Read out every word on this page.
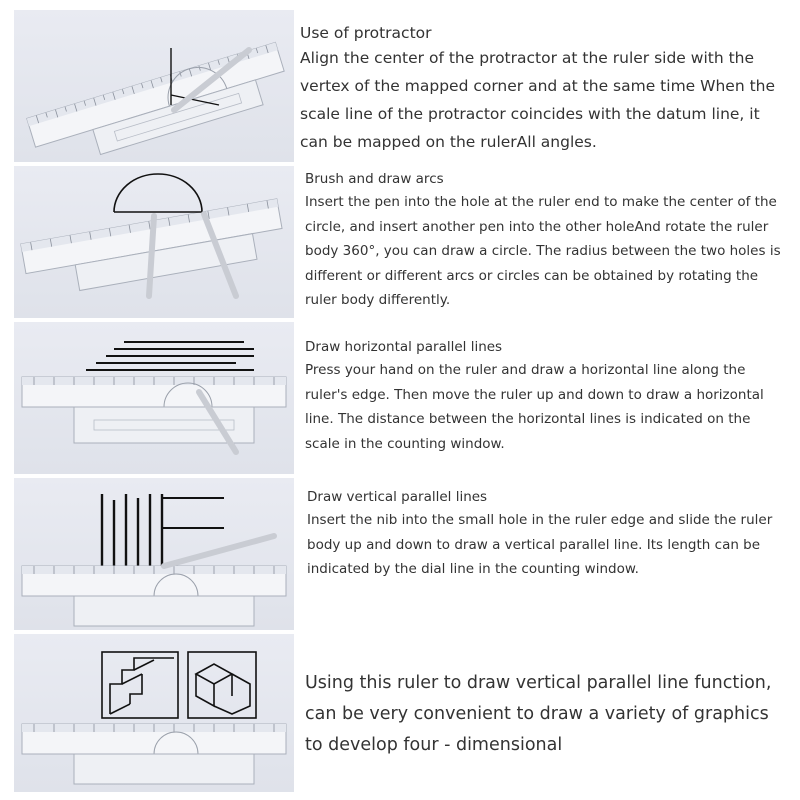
Use of protractor

Align the center of the protractor at the ruler side with the vertex of the mapped corner and at the same time When the scale line of the protractor coincides with the datum line, it can be mapped on the rulerAll angles.

Brush and draw arcs

Insert the pen into the hole at the ruler end to make the center of the circle, and insert another pen into the other holeAnd rotate the ruler body 360°, you can draw a circle. The radius between the two holes is different or different arcs or circles can be obtained by rotating the ruler body differently.

Draw horizontal parallel lines

Press your hand on the ruler and draw a horizontal line along the ruler's edge. Then move the ruler up and down to draw a horizontal line. The distance between the horizontal lines is indicated on the scale in the counting window.

Draw vertical parallel lines

Insert the nib into the small hole in the ruler edge and slide the ruler body up and down to draw a vertical parallel line. Its length can be indicated by the dial line in the counting window.

Using this ruler to draw vertical parallel line function, can be very convenient to draw a variety of graphics to develop four - dimensional
